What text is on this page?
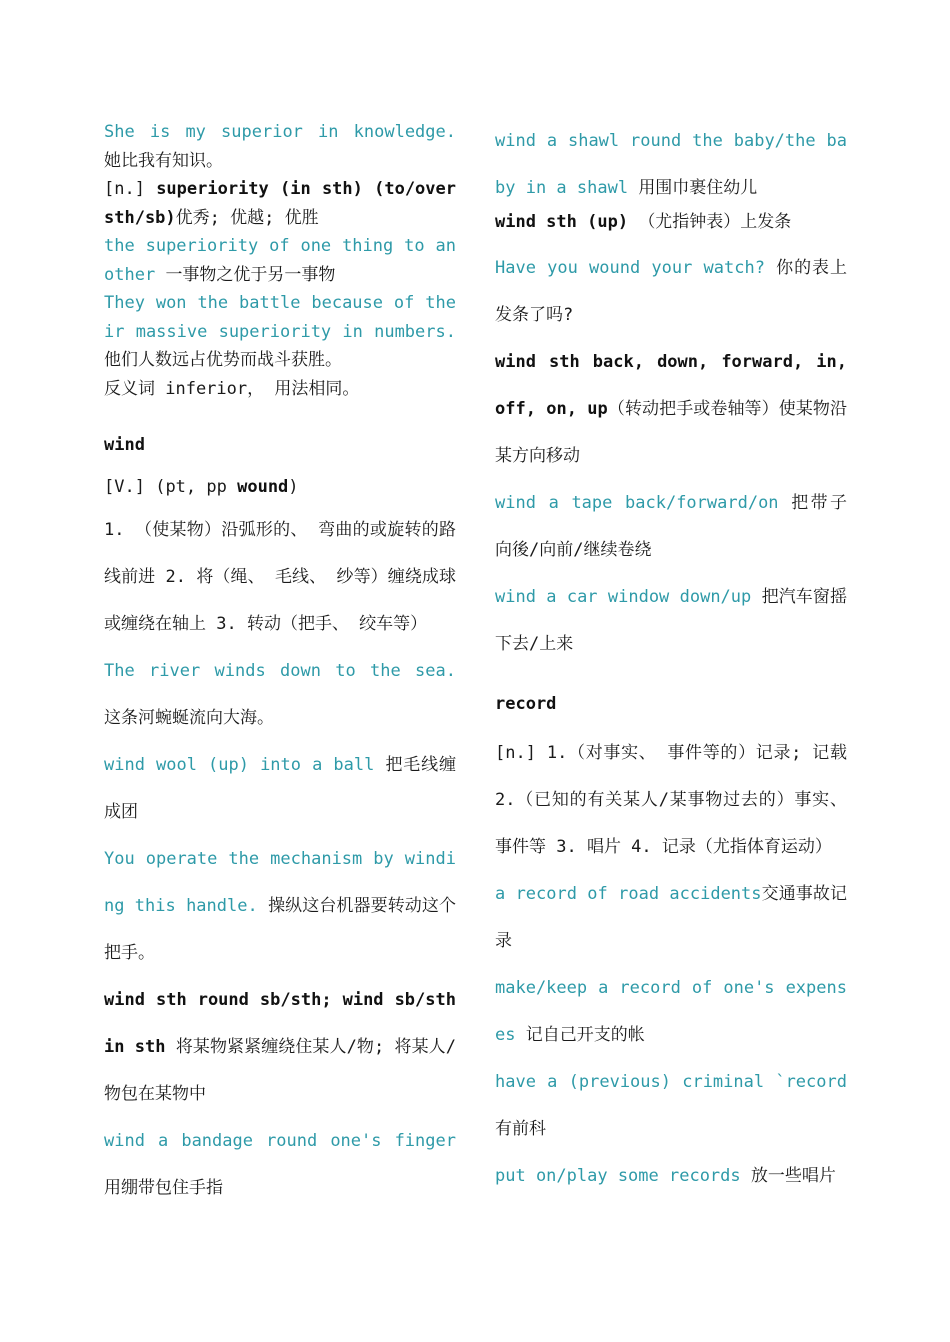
She is my superior in knowledge. 她比我有知识。

[n.] superiority (in sth) (to/over sth/sb)优秀; 优越; 优胜

the superiority of one thing to another 一事物之优于另一事物

They won the battle because of their massive superiority in numbers. 他们人数远占优势而战斗获胜。

反义词 inferior， 用法相同。

wind

[V.] (pt, pp wound)

1. （使某物）沿弧形的、 弯曲的或旋转的路线前进 2. 将（绳、 毛线、 纱等）缠绕成球或缠绕在轴上 3. 转动（把手、 绞车等）

The river winds down to the sea. 这条河蜿蜒流向大海。

wind wool (up) into a ball 把毛线缠成团

You operate the mechanism by winding this handle. 操纵这台机器要转动这个把手。

wind sth round sb/sth; wind sb/sth in sth 将某物紧紧缠绕住某人/物; 将某人/物包在某物中

wind a bandage round one's finger 用绷带包住手指

wind a shawl round the baby/the baby in a shawl 用围巾裹住幼儿

wind sth (up) （尤指钟表）上发条

Have you wound your watch? 你的表上发条了吗?

wind sth back, down, forward, in, off, on, up（转动把手或卷轴等）使某物沿某方向移动

wind a tape back/forward/on 把带子向後/向前/继续卷绕

wind a car window down/up 把汽车窗摇下去/上来

record

[n.] 1.（对事实、 事件等的）记录; 记载 2.（已知的有关某人/某事物过去的）事实、 事件等 3. 唱片 4. 记录（尤指体育运动）

a record of road accidents交通事故记录

make/keep a record of one's expenses 记自己开支的帐

have a (previous) criminal `record有前科

put on/play some records 放一些唱片
